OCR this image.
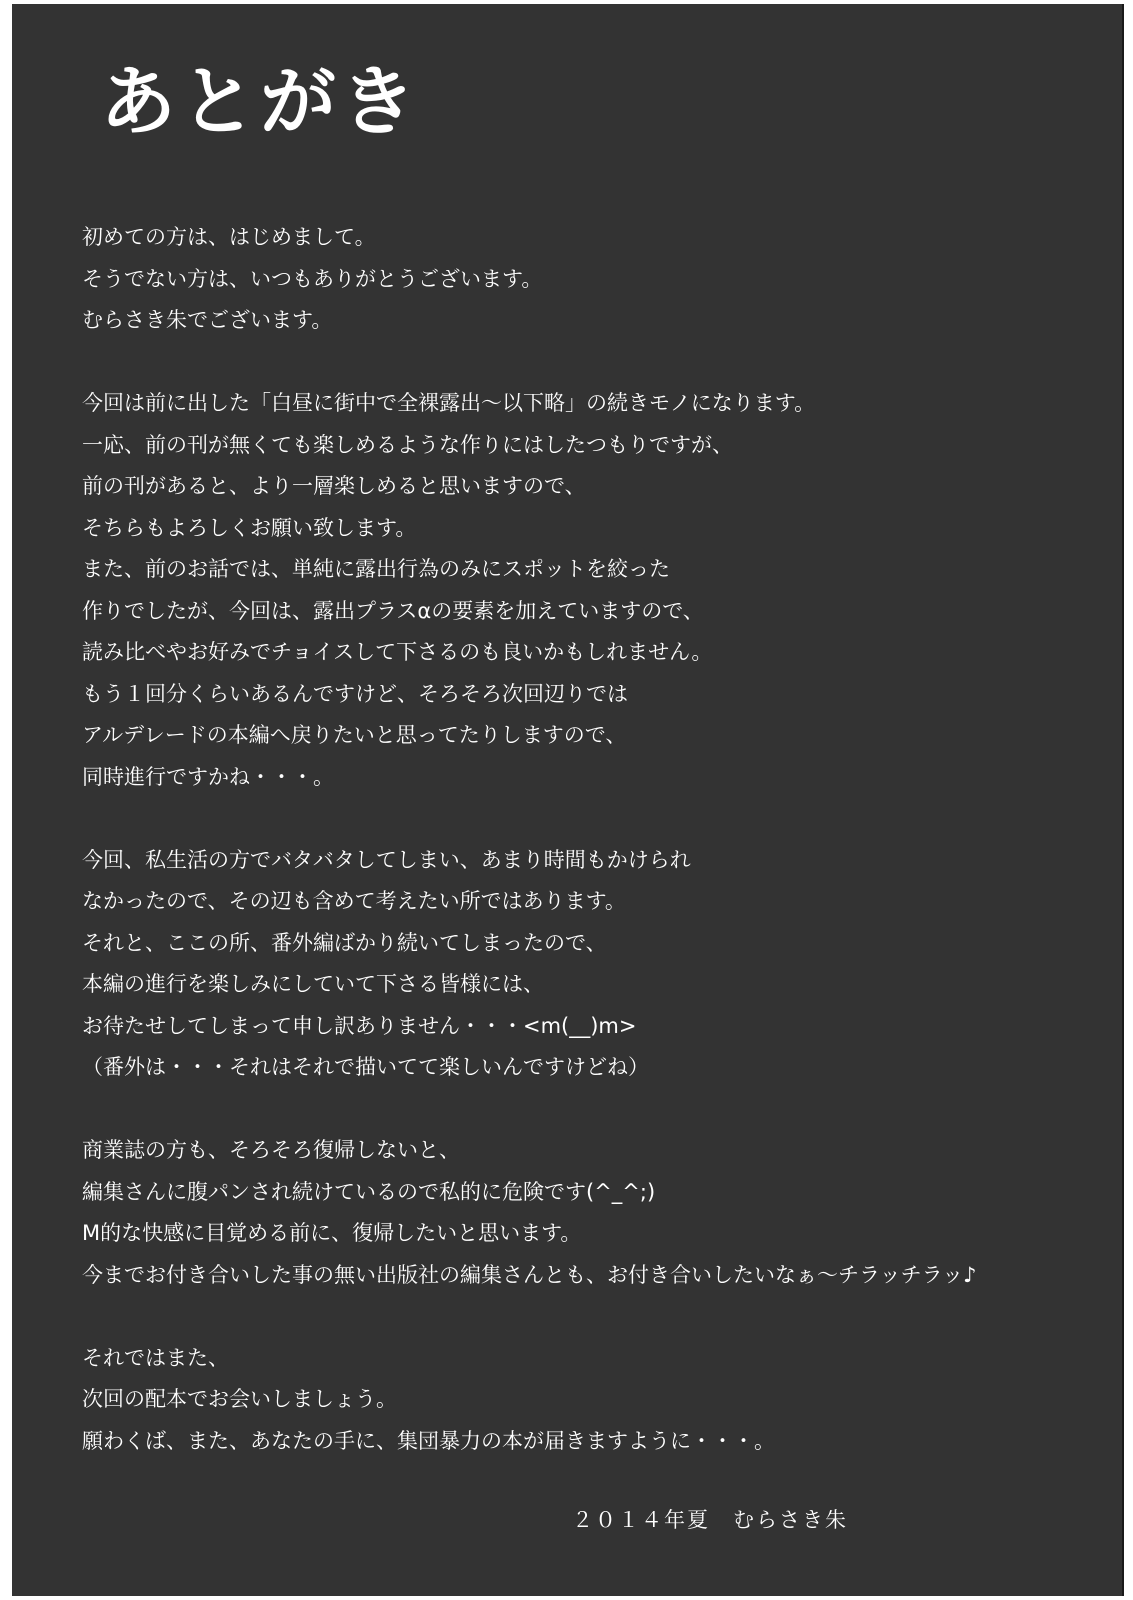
あとがき
初めての方は、はじめまして。
そうでない方は、いつもありがとうございます。
むらさき朱でございます。
今回は前に出した「白昼に街中で全裸露出～以下略」の続きモノになります。
一応、前の刊が無くても楽しめるような作りにはしたつもりですが、
前の刊があると、より一層楽しめると思いますので、
そちらもよろしくお願い致します。
また、前のお話では、単純に露出行為のみにスポットを絞った
作りでしたが、今回は、露出プラスαの要素を加えていますので、
読み比べやお好みでチョイスして下さるのも良いかもしれません。
もう１回分くらいあるんですけど、そろそろ次回辺りでは
アルデレードの本編へ戻りたいと思ってたりしますので、
同時進行ですかね・・・。
今回、私生活の方でバタバタしてしまい、あまり時間もかけられ
なかったので、その辺も含めて考えたい所ではあります。
それと、ここの所、番外編ばかり続いてしまったので、
本編の進行を楽しみにしていて下さる皆様には、
お待たせしてしまって申し訳ありません・・・<m(__)m>
（番外は・・・それはそれで描いてて楽しいんですけどね）
商業誌の方も、そろそろ復帰しないと、
編集さんに腹パンされ続けているので私的に危険です(^_^;)
M的な快感に目覚める前に、復帰したいと思います。
今までお付き合いした事の無い出版社の編集さんとも、お付き合いしたいなぁ～チラッチラッ♪
それではまた、
次回の配本でお会いしましょう。
願わくば、また、あなたの手に、集団暴力の本が届きますように・・・。
２０１４年夏　むらさき朱
